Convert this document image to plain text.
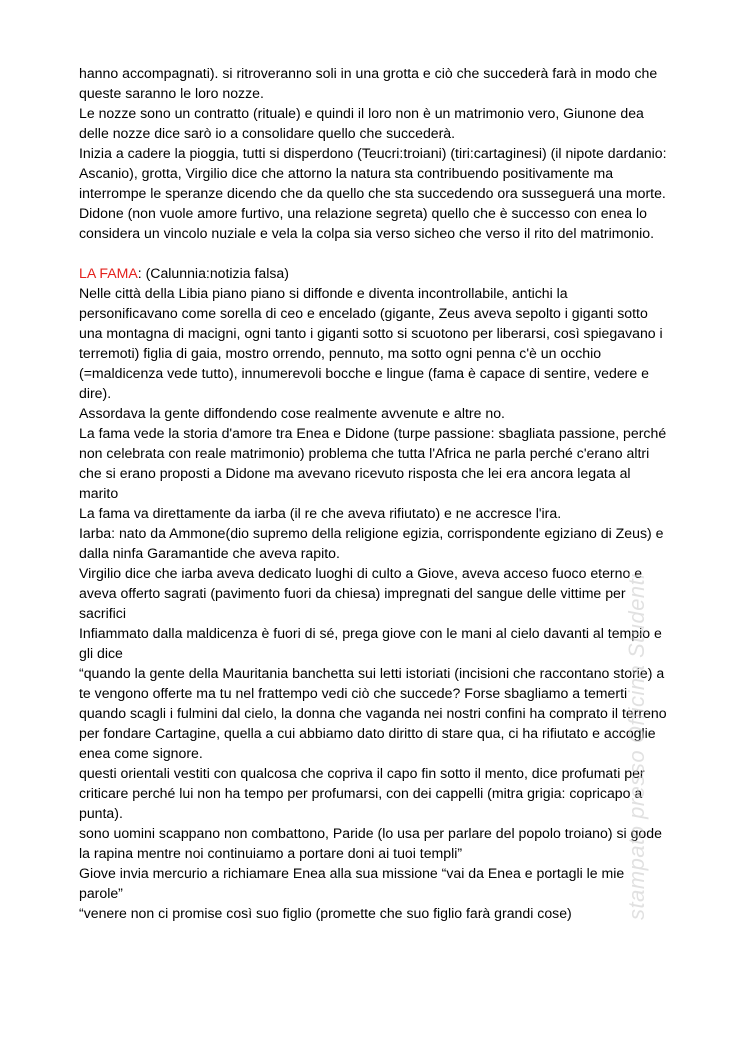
hanno accompagnati). si ritroveranno soli in una grotta e ciò che succederà farà in modo che queste saranno le loro nozze.

Le nozze sono un contratto (rituale) e quindi il loro non è un matrimonio vero, Giunone dea delle nozze dice sarò io a consolidare quello che succederà.

Inizia a cadere la pioggia, tutti si disperdono (Teucri:troiani) (tiri:cartaginesi) (il nipote dardanio: Ascanio), grotta, Virgilio dice che attorno la natura sta contribuendo positivamente ma interrompe le speranze dicendo che da quello che sta succedendo ora susseguerá una morte.

Didone (non vuole amore furtivo, una relazione segreta) quello che è successo con enea lo considera un vincolo nuziale e vela la colpa sia verso sicheo che verso il rito del matrimonio.

LA FAMA: (Calunnia:notizia falsa)

Nelle città della Libia piano piano si diffonde e diventa incontrollabile, antichi la personificavano come sorella di ceo e encelado (gigante, Zeus aveva sepolto i giganti sotto una montagna di macigni, ogni tanto i giganti sotto si scuotono per liberarsi, così spiegavano i terremoti) figlia di gaia, mostro orrendo, pennuto, ma sotto ogni penna c'è un occhio (=maldicenza vede tutto), innumerevoli bocche e lingue (fama è capace di sentire, vedere e dire).

Assordava la gente diffondendo cose realmente avvenute e altre no.

La fama vede la storia d'amore tra Enea e Didone (turpe passione: sbagliata passione, perché non celebrata con reale matrimonio) problema che tutta l'Africa ne parla perché c'erano altri che si erano proposti a Didone ma avevano ricevuto risposta che lei era ancora legata al marito

La fama va direttamente da iarba (il re che aveva rifiutato) e ne accresce l'ira.

Iarba: nato da Ammone(dio supremo della religione egizia, corrispondente egiziano di Zeus) e dalla ninfa Garamantide che aveva rapito.

Virgilio dice che iarba aveva dedicato luoghi di culto a Giove, aveva acceso fuoco eterno e aveva offerto sagrati (pavimento fuori da chiesa) impregnati del sangue delle vittime per sacrifici

Infiammato dalla maldicenza è fuori di sé, prega giove con le mani al cielo davanti al tempio e gli dice

“quando la gente della Mauritania banchetta sui letti istoriati (incisioni che raccontano storie) a te vengono offerte ma tu nel frattempo vedi ciò che succede? Forse sbagliamo a temerti quando scagli i fulmini dal cielo, la donna che vaganda nei nostri confini ha comprato il terreno per fondare Cartagine, quella a cui abbiamo dato diritto di stare qua, ci ha rifiutato e accoglie enea come signore.

questi orientali vestiti con qualcosa che copriva il capo fin sotto il mento, dice profumati per criticare perché lui non ha tempo per profumarsi, con dei cappelli (mitra grigia: copricapo a punta).

sono uomini scappano non combattono, Paride (lo usa per parlare del popolo troiano) si gode la rapina mentre noi continuiamo a portare doni ai tuoi templi”

Giove invia mercurio a richiamare Enea alla sua missione “vai da Enea e portagli le mie parole”

“venere non ci promise così suo figlio (promette che suo figlio farà grandi cose)	stampato presso Officina Studenti
